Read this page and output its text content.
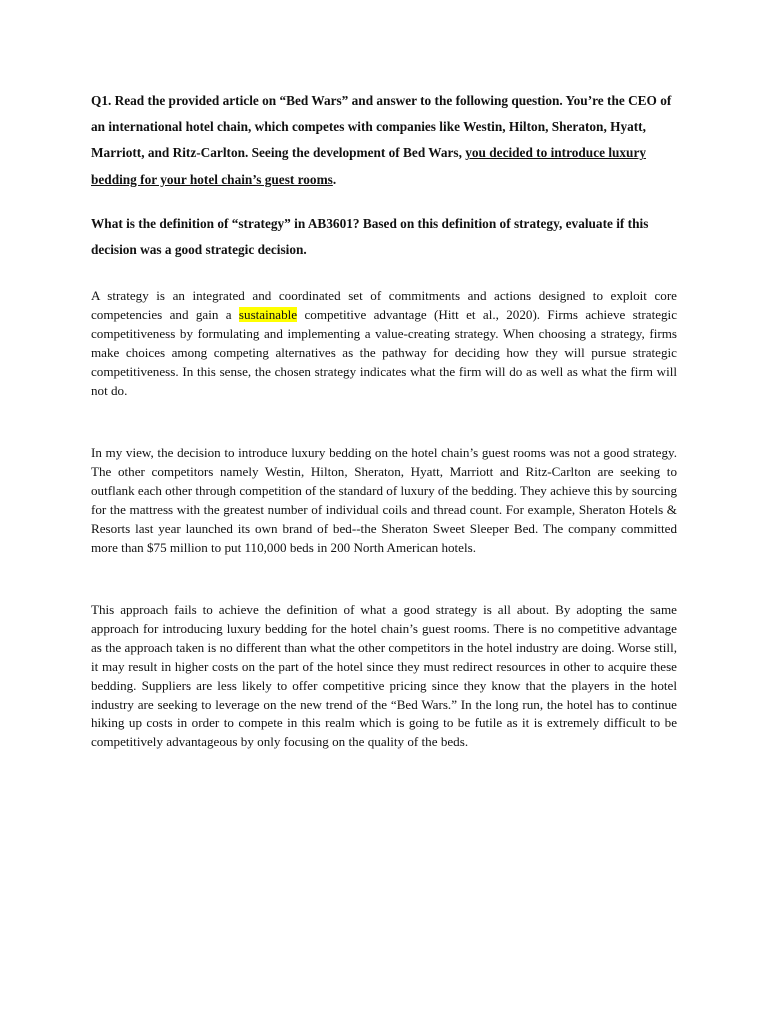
Q1. Read the provided article on “Bed Wars” and answer to the following question. You’re the CEO of an international hotel chain, which competes with companies like Westin, Hilton, Sheraton, Hyatt, Marriott, and Ritz-Carlton. Seeing the development of Bed Wars, you decided to introduce luxury bedding for your hotel chain’s guest rooms.

What is the definition of “strategy” in AB3601? Based on this definition of strategy, evaluate if this decision was a good strategic decision.

A strategy is an integrated and coordinated set of commitments and actions designed to exploit core competencies and gain a sustainable competitive advantage (Hitt et al., 2020). Firms achieve strategic competitiveness by formulating and implementing a value-creating strategy. When choosing a strategy, firms make choices among competing alternatives as the pathway for deciding how they will pursue strategic competitiveness. In this sense, the chosen strategy indicates what the firm will do as well as what the firm will not do.

In my view, the decision to introduce luxury bedding on the hotel chain’s guest rooms was not a good strategy. The other competitors namely Westin, Hilton, Sheraton, Hyatt, Marriott and Ritz-Carlton are seeking to outflank each other through competition of the standard of luxury of the bedding. They achieve this by sourcing for the mattress with the greatest number of individual coils and thread count. For example, Sheraton Hotels & Resorts last year launched its own brand of bed--the Sheraton Sweet Sleeper Bed. The company committed more than $75 million to put 110,000 beds in 200 North American hotels.

This approach fails to achieve the definition of what a good strategy is all about. By adopting the same approach for introducing luxury bedding for the hotel chain’s guest rooms. There is no competitive advantage as the approach taken is no different than what the other competitors in the hotel industry are doing. Worse still, it may result in higher costs on the part of the hotel since they must redirect resources in other to acquire these bedding. Suppliers are less likely to offer competitive pricing since they know that the players in the hotel industry are seeking to leverage on the new trend of the “Bed Wars.” In the long run, the hotel has to continue hiking up costs in order to compete in this realm which is going to be futile as it is extremely difficult to be competitively advantageous by only focusing on the quality of the beds.
